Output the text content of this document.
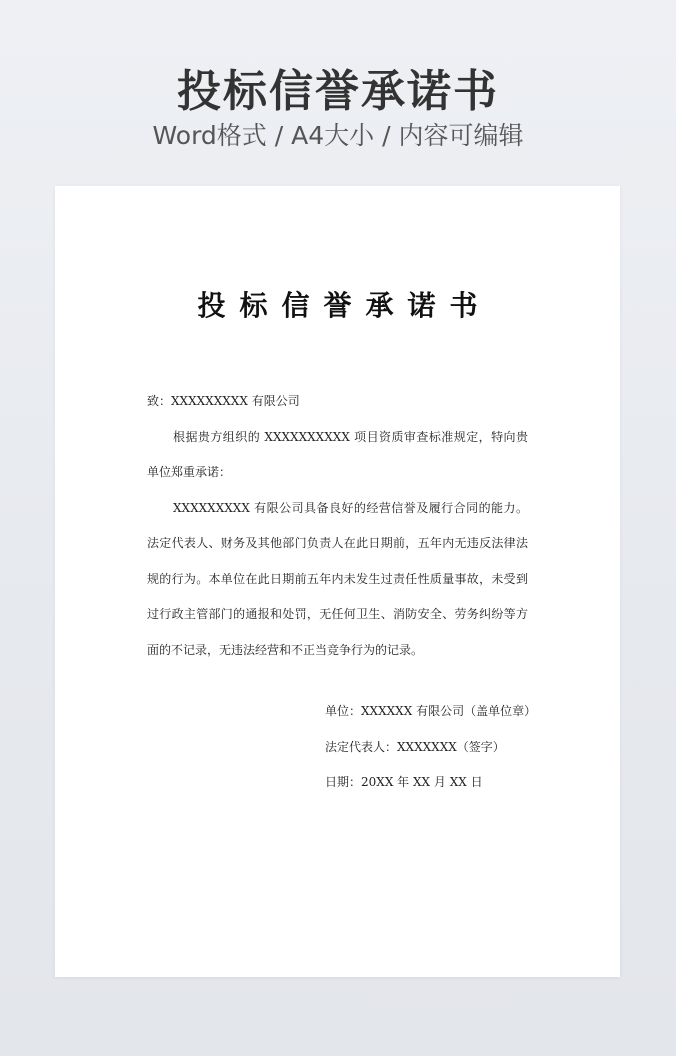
投标信誉承诺书
Word格式 / A4大小 / 内容可编辑
投标信誉承诺书

致：XXXXXXXXX 有限公司

根据贵方组织的 XXXXXXXXXX 项目资质审查标准规定，特向贵单位郑重承诺：

XXXXXXXXX 有限公司具备良好的经营信誉及履行合同的能力。法定代表人、财务及其他部门负责人在此日期前，五年内无违反法律法规的行为。本单位在此日期前五年内未发生过责任性质量事故，未受到过行政主管部门的通报和处罚，无任何卫生、消防安全、劳务纠纷等方面的不记录，无违法经营和不正当竞争行为的记录。

单位：XXXXXX 有限公司（盖单位章）
法定代表人：XXXXXXX（签字）
日期：20XX 年 XX 月 XX 日
